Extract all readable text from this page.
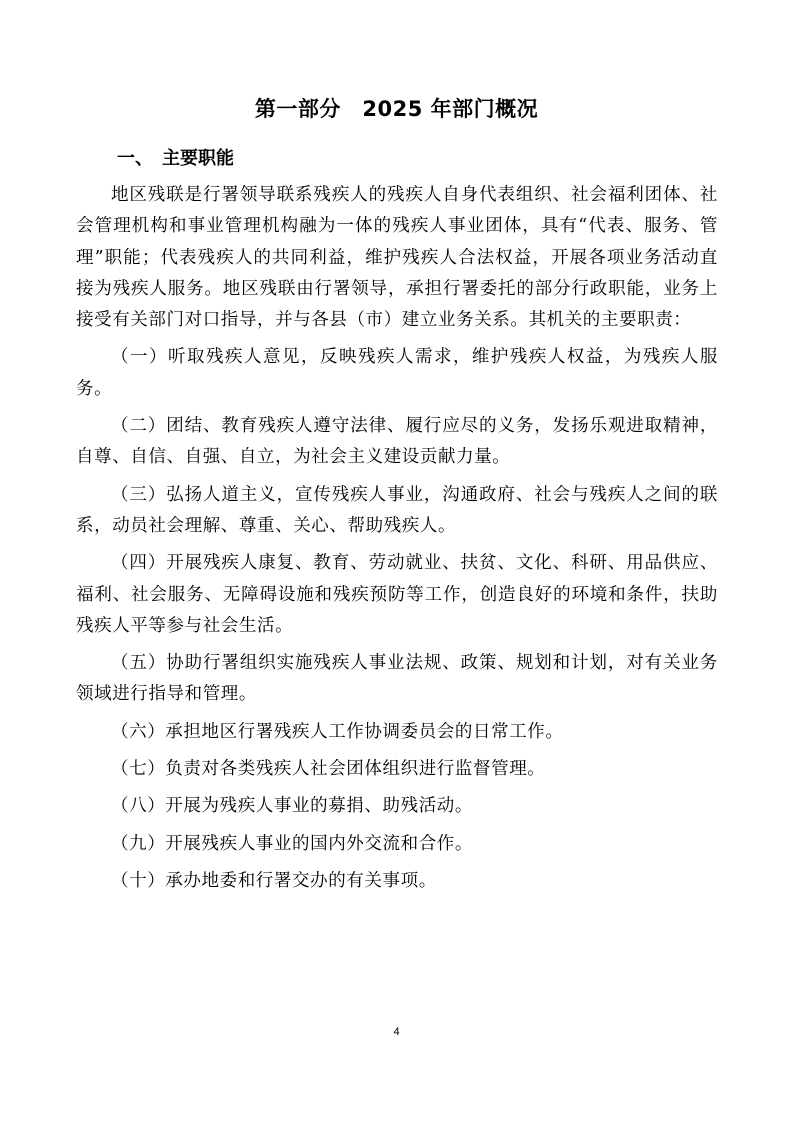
第一部分　2025 年部门概况
一、　主要职能

地区残联是行署领导联系残疾人的残疾人自身代表组织、社会福利团体、社会管理机构和事业管理机构融为一体的残疾人事业团体，具有“代表、服务、管理”职能；代表残疾人的共同利益，维护残疾人合法权益，开展各项业务活动直接为残疾人服务。地区残联由行署领导，承担行署委托的部分行政职能，业务上接受有关部门对口指导，并与各县（市）建立业务关系。其机关的主要职责：

（一）听取残疾人意见，反映残疾人需求，维护残疾人权益，为残疾人服务。

（二）团结、教育残疾人遵守法律、履行应尽的义务，发扬乐观进取精神，自尊、自信、自强、自立，为社会主义建设贡献力量。

（三）弘扬人道主义，宣传残疾人事业，沟通政府、社会与残疾人之间的联系，动员社会理解、尊重、关心、帮助残疾人。

（四）开展残疾人康复、教育、劳动就业、扶贫、文化、科研、用品供应、福利、社会服务、无障碍设施和残疾预防等工作，创造良好的环境和条件，扶助残疾人平等参与社会生活。

（五）协助行署组织实施残疾人事业法规、政策、规划和计划，对有关业务领域进行指导和管理。

（六）承担地区行署残疾人工作协调委员会的日常工作。

（七）负责对各类残疾人社会团体组织进行监督管理。

（八）开展为残疾人事业的募捐、助残活动。

（九）开展残疾人事业的国内外交流和合作。

（十）承办地委和行署交办的有关事项。

4
